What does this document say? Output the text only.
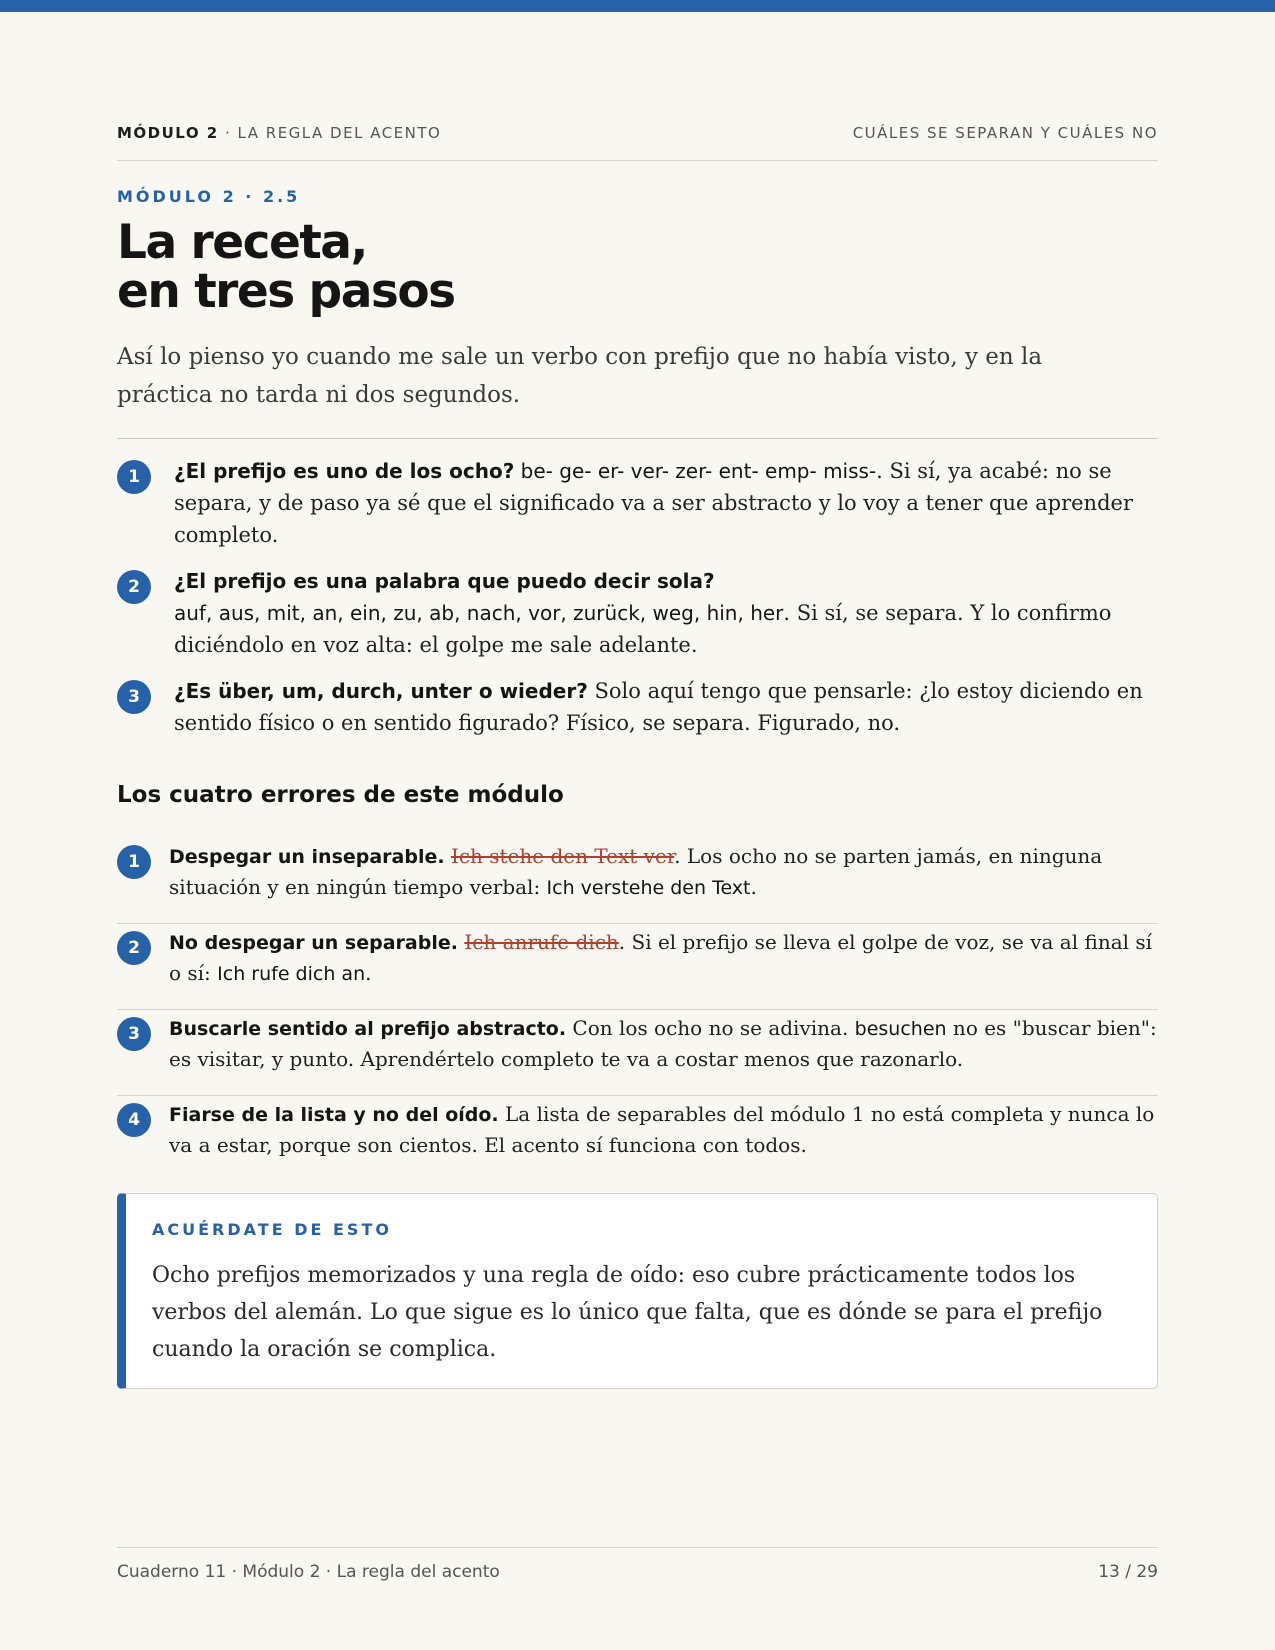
MÓDULO 2 · LA REGLA DEL ACENTO	CUÁLES SE SEPARAN Y CUÁLES NO
MÓDULO 2 · 2.5
La receta,
en tres pasos

Así lo pienso yo cuando me sale un verbo con prefijo que no había visto, y en la práctica no tarda ni dos segundos.

1	¿El prefijo es uno de los ocho? be- ge- er- ver- zer- ent- emp- miss-. Si sí, ya acabé: no se separa, y de paso ya sé que el significado va a ser abstracto y lo voy a tener que aprender completo.
2	¿El prefijo es una palabra que puedo decir sola?
auf, aus, mit, an, ein, zu, ab, nach, vor, zurück, weg, hin, her. Si sí, se separa. Y lo confirmo diciéndolo en voz alta: el golpe me sale adelante.
3	¿Es über, um, durch, unter o wieder? Solo aquí tengo que pensarle: ¿lo estoy diciendo en sentido físico o en sentido figurado? Físico, se separa. Figurado, no.
Los cuatro errores de este módulo
1	Despegar un inseparable. Ich stehe den Text ver. Los ocho no se parten jamás, en ninguna situación y en ningún tiempo verbal: Ich verstehe den Text.
2	No despegar un separable. Ich anrufe dich. Si el prefijo se lleva el golpe de voz, se va al final sí o sí: Ich rufe dich an.
3	Buscarle sentido al prefijo abstracto. Con los ocho no se adivina. besuchen no es "buscar bien": es visitar, y punto. Aprendértelo completo te va a costar menos que razonarlo.
4	Fiarse de la lista y no del oído. La lista de separables del módulo 1 no está completa y nunca lo va a estar, porque son cientos. El acento sí funciona con todos.
ACUÉRDATE DE ESTO

Ocho prefijos memorizados y una regla de oído: eso cubre prácticamente todos los verbos del alemán. Lo que sigue es lo único que falta, que es dónde se para el prefijo cuando la oración se complica.

Cuaderno 11 · Módulo 2 · La regla del acento	13 / 29
